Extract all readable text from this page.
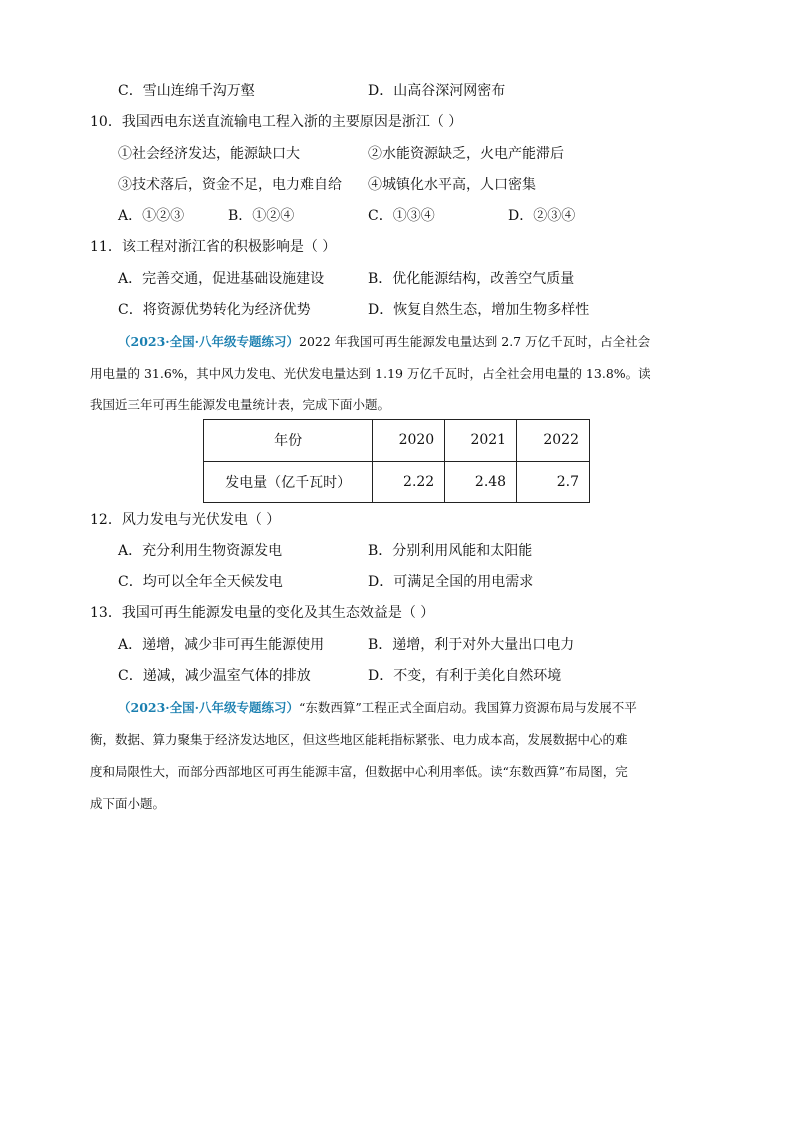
C．雪山连绵千沟万壑	D．山高谷深河网密布
10．我国西电东送直流输电工程入浙的主要原因是浙江（ ）
①社会经济发达，能源缺口大	②水能资源缺乏，火电产能滞后
③技术落后，资金不足，电力难自给 ④城镇化水平高，人口密集
A．①②③	B．①②④	C．①③④	D．②③④
11．该工程对浙江省的积极影响是（ ）
A．完善交通，促进基础设施建设	B．优化能源结构，改善空气质量
C．将资源优势转化为经济优势	D．恢复自然生态，增加生物多样性
（2023·全国·八年级专题练习）2022 年我国可再生能源发电量达到 2.7 万亿千瓦时，占全社会
用电量的 31.6%，其中风力发电、光伏发电量达到 1.19 万亿千瓦时，占全社会用电量的 13.8%。读
我国近三年可再生能源发电量统计表，完成下面小题。
年份	2020	2021	2022
发电量（亿千瓦时）	2.22	2.48	2.7
12．风力发电与光伏发电（ ）
A．充分利用生物资源发电	B．分别利用风能和太阳能
C．均可以全年全天候发电	D．可满足全国的用电需求
13．我国可再生能源发电量的变化及其生态效益是（ ）
A．递增，减少非可再生能源使用	B．递增，利于对外大量出口电力
C．递减，减少温室气体的排放	D．不变，有利于美化自然环境
（2023·全国·八年级专题练习）“东数西算”工程正式全面启动。我国算力资源布局与发展不平
衡，数据、算力聚集于经济发达地区，但这些地区能耗指标紧张、电力成本高，发展数据中心的难
度和局限性大，而部分西部地区可再生能源丰富，但数据中心利用率低。读“东数西算”布局图，完
成下面小题。
